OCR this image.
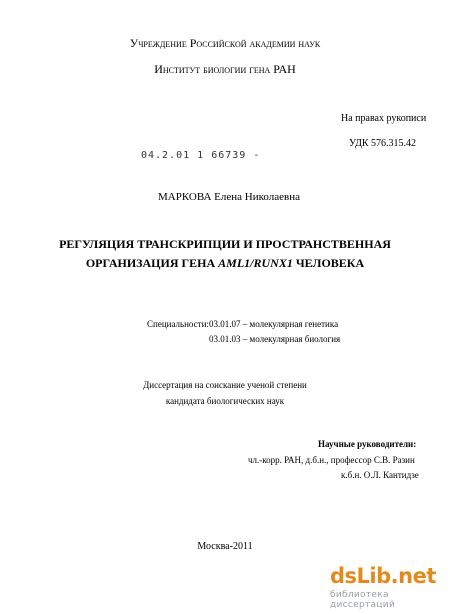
Учреждение Российской академии наук
Институт биологии гена РАН
На правах рукописи
УДК 576.315.42
04.2.01 1 66739 -
МАРКОВА Елена Николаевна
РЕГУЛЯЦИЯ ТРАНСКРИПЦИИ И ПРОСТРАНСТВЕННАЯ
ОРГАНИЗАЦИЯ ГЕНА AML1/RUNX1 ЧЕЛОВЕКА
Специальности: 03.01.07 – молекулярная генетика
03.01.03 – молекулярная биология
Диссертация на соискание ученой степени
кандидата биологических наук
Научные руководители:
чл.-корр. РАН, д.б.н., профессор С.В. Разин
к.б.н. О.Л. Кантидзе
Москва-2011
dsLib.net
библиотека диссертаций
